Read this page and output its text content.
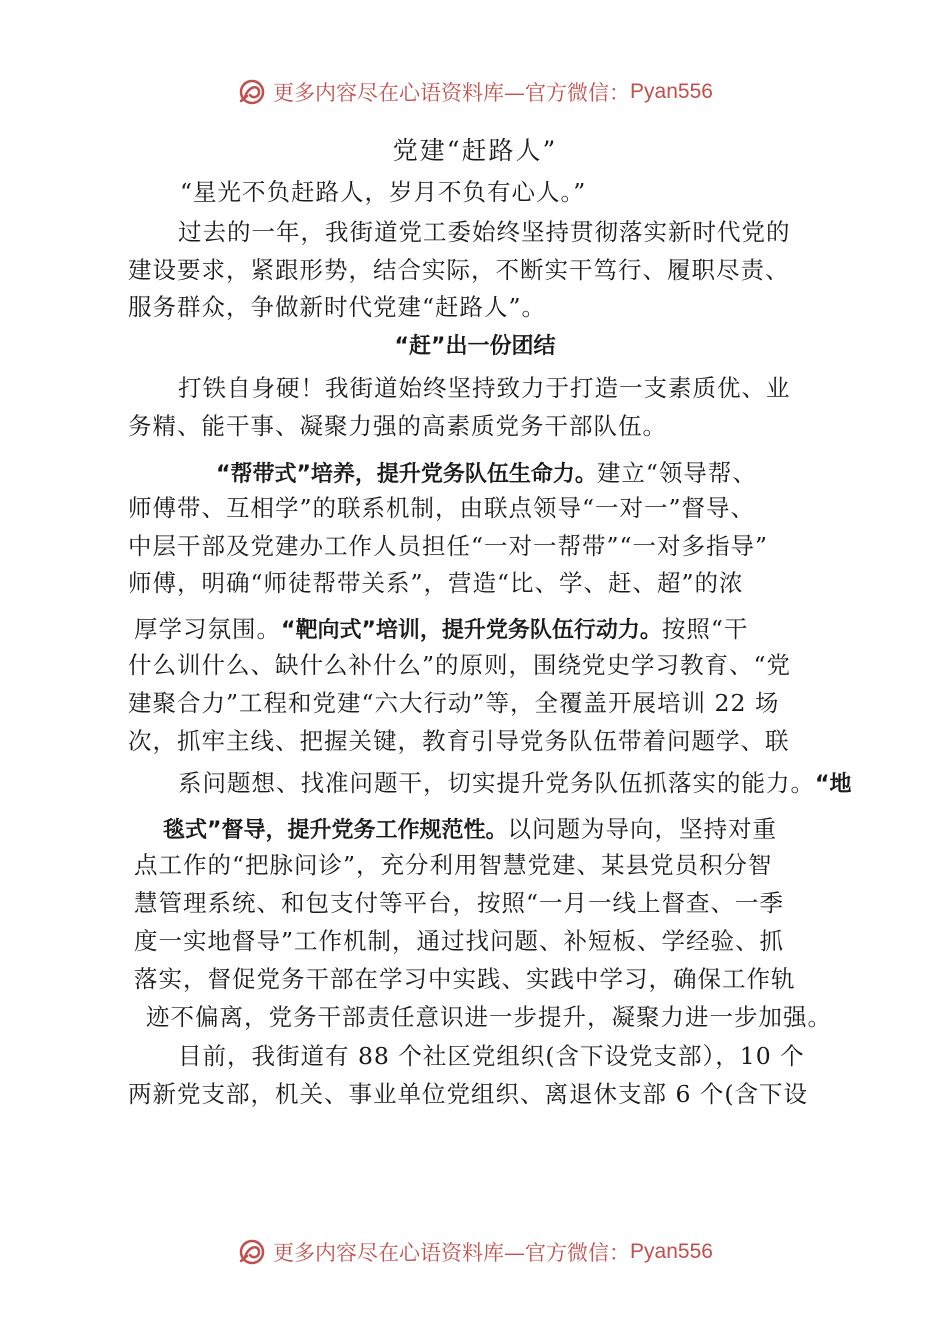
更多内容尽在心语资料库— 官方微信： Pyan556

党建“赶路人”

“星光不负赶路人，岁月不负有心人。”

过去的一年，我街道党工委始终坚持贯彻落实新时代党的

建设要求，紧跟形势，结合实际，不断实干笃行、履职尽责、

服务群众，争做新时代党建“赶路人”。

“赶”出一份团结

打铁自身硬！我街道始终坚持致力于打造一支素质优、业

务精、能干事、凝聚力强的高素质党务干部队伍。

“帮带式”培养，提升党务队伍生命力。建立“领导帮、

师傅带、互相学”的联系机制，由联点领导“一对一”督导、

中层干部及党建办工作人员担任“一对一帮带”“一对多指导”

师傅，明确“师徒帮带关系”，营造“比、学、赶、超”的浓

厚学习氛围。“靶向式”培训，提升党务队伍行动力。按照“干

什么训什么、缺什么补什么”的原则，围绕党史学习教育、“党

建聚合力”工程和党建“六大行动”等，全覆盖开展培训 22 场

次，抓牢主线、把握关键，教育引导党务队伍带着问题学、联

系问题想、找准问题干，切实提升党务队伍抓落实的能力。“地

毯式”督导，提升党务工作规范性。以问题为导向，坚持对重

点工作的“把脉问诊”，充分利用智慧党建、某县党员积分智

慧管理系统、和包支付等平台，按照“一月一线上督查、一季

度一实地督导”工作机制，通过找问题、补短板、学经验、抓

落实，督促党务干部在学习中实践、实践中学习，确保工作轨

迹不偏离，党务干部责任意识进一步提升，凝聚力进一步加强。

目前，我街道有 88 个社区党组织(含下设党支部），10 个

两新党支部，机关、事业单位党组织、离退休支部 6 个(含下设

更多内容尽在心语资料库— 官方微信： Pyan556
